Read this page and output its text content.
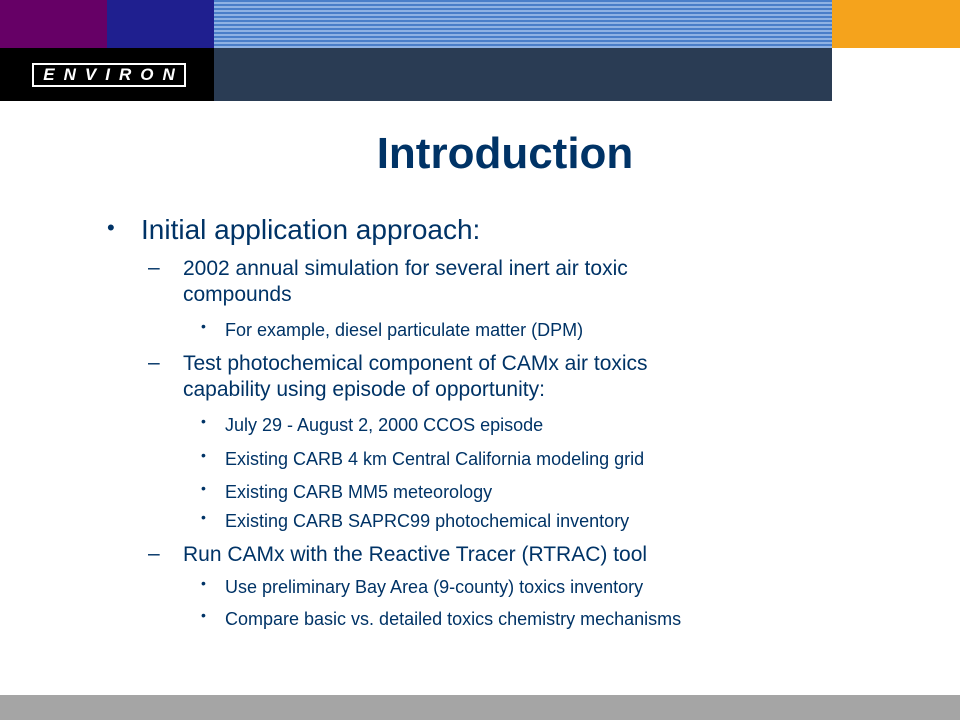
ENVIRON
Introduction
• Initial application approach:
– 2002 annual simulation for several inert air toxic
compounds
• For example, diesel particulate matter (DPM)
– Test photochemical component of CAMx air toxics
capability using episode of opportunity:
• July 29 - August 2, 2000 CCOS episode
• Existing CARB 4 km Central California modeling grid
• Existing CARB MM5 meteorology
• Existing CARB SAPRC99 photochemical inventory
– Run CAMx with the Reactive Tracer (RTRAC) tool
• Use preliminary Bay Area (9-county) toxics inventory
• Compare basic vs. detailed toxics chemistry mechanisms
